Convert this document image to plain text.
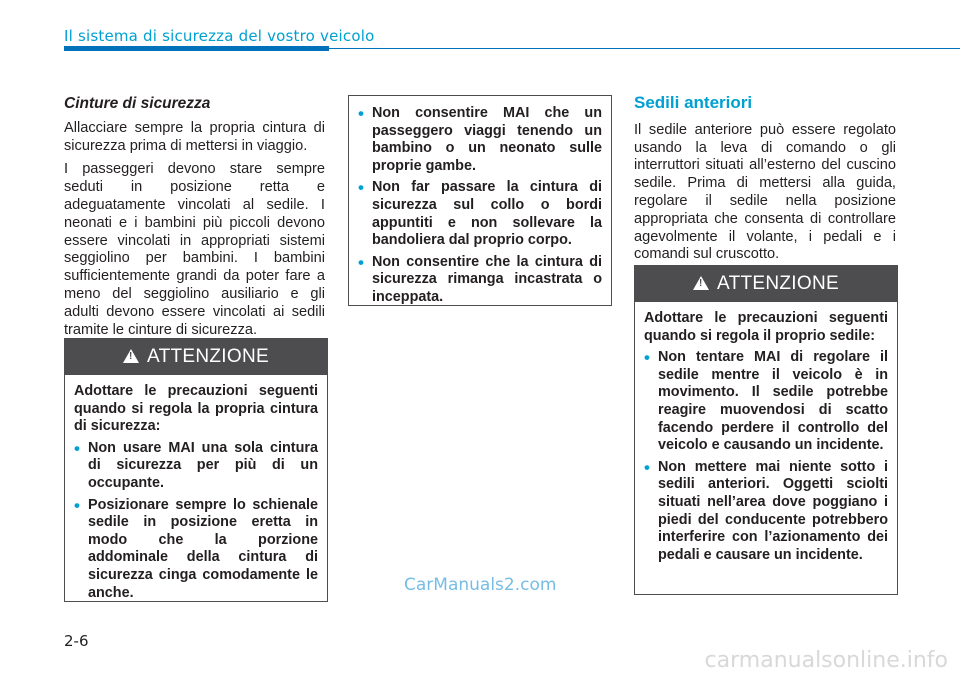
Il sistema di sicurezza del vostro veicolo
Cinture di sicurezza

Allacciare sempre la propria cintura di sicurezza prima di mettersi in viaggio.

I passeggeri devono stare sempre seduti in posizione retta e adeguatamente vincolati al sedile. I neonati e i bambini più piccoli devono essere vincolati in appropriati sistemi seggiolino per bambini. I bambini sufficientemente grandi da poter fare a meno del seggiolino ausiliario e gli adulti devono essere vincolati ai sedili tramite le cinture di sicurezza.

!
ATTENZIONE
Adottare le precauzioni seguenti quando si regola la propria cintura di sicurezza:
• Non usare MAI una sola cintura di sicurezza per più di un occupante.
• Posizionare sempre lo schienale sedile in posizione eretta in modo che la porzione addominale della cintura di sicurezza cinga comodamente le anche.
• Non consentire MAI che un passeggero viaggi tenendo un bambino o un neonato sulle proprie gambe.
• Non far passare la cintura di sicurezza sul collo o bordi appuntiti e non sollevare la bandoliera dal proprio corpo.
• Non consentire che la cintura di sicurezza rimanga incastrata o inceppata.
Sedili anteriori

Il sedile anteriore può essere regolato usando la leva di comando o gli interruttori situati all’esterno del cuscino sedile. Prima di mettersi alla guida, regolare il sedile nella posizione appropriata che consenta di controllare agevolmente il volante, i pedali e i comandi sul cruscotto.

!
ATTENZIONE
Adottare le precauzioni seguenti quando si regola il proprio sedile:
• Non tentare MAI di regolare il sedile mentre il veicolo è in movimento. Il sedile potrebbe reagire muovendosi di scatto facendo perdere il controllo del veicolo e causando un incidente.
• Non mettere mai niente sotto i sedili anteriori. Oggetti sciolti situati nell’area dove poggiano i piedi del conducente potrebbero interferire con l’azionamento dei pedali e causare un incidente.
2-6
CarManuals2.com
carmanualsonline.info
